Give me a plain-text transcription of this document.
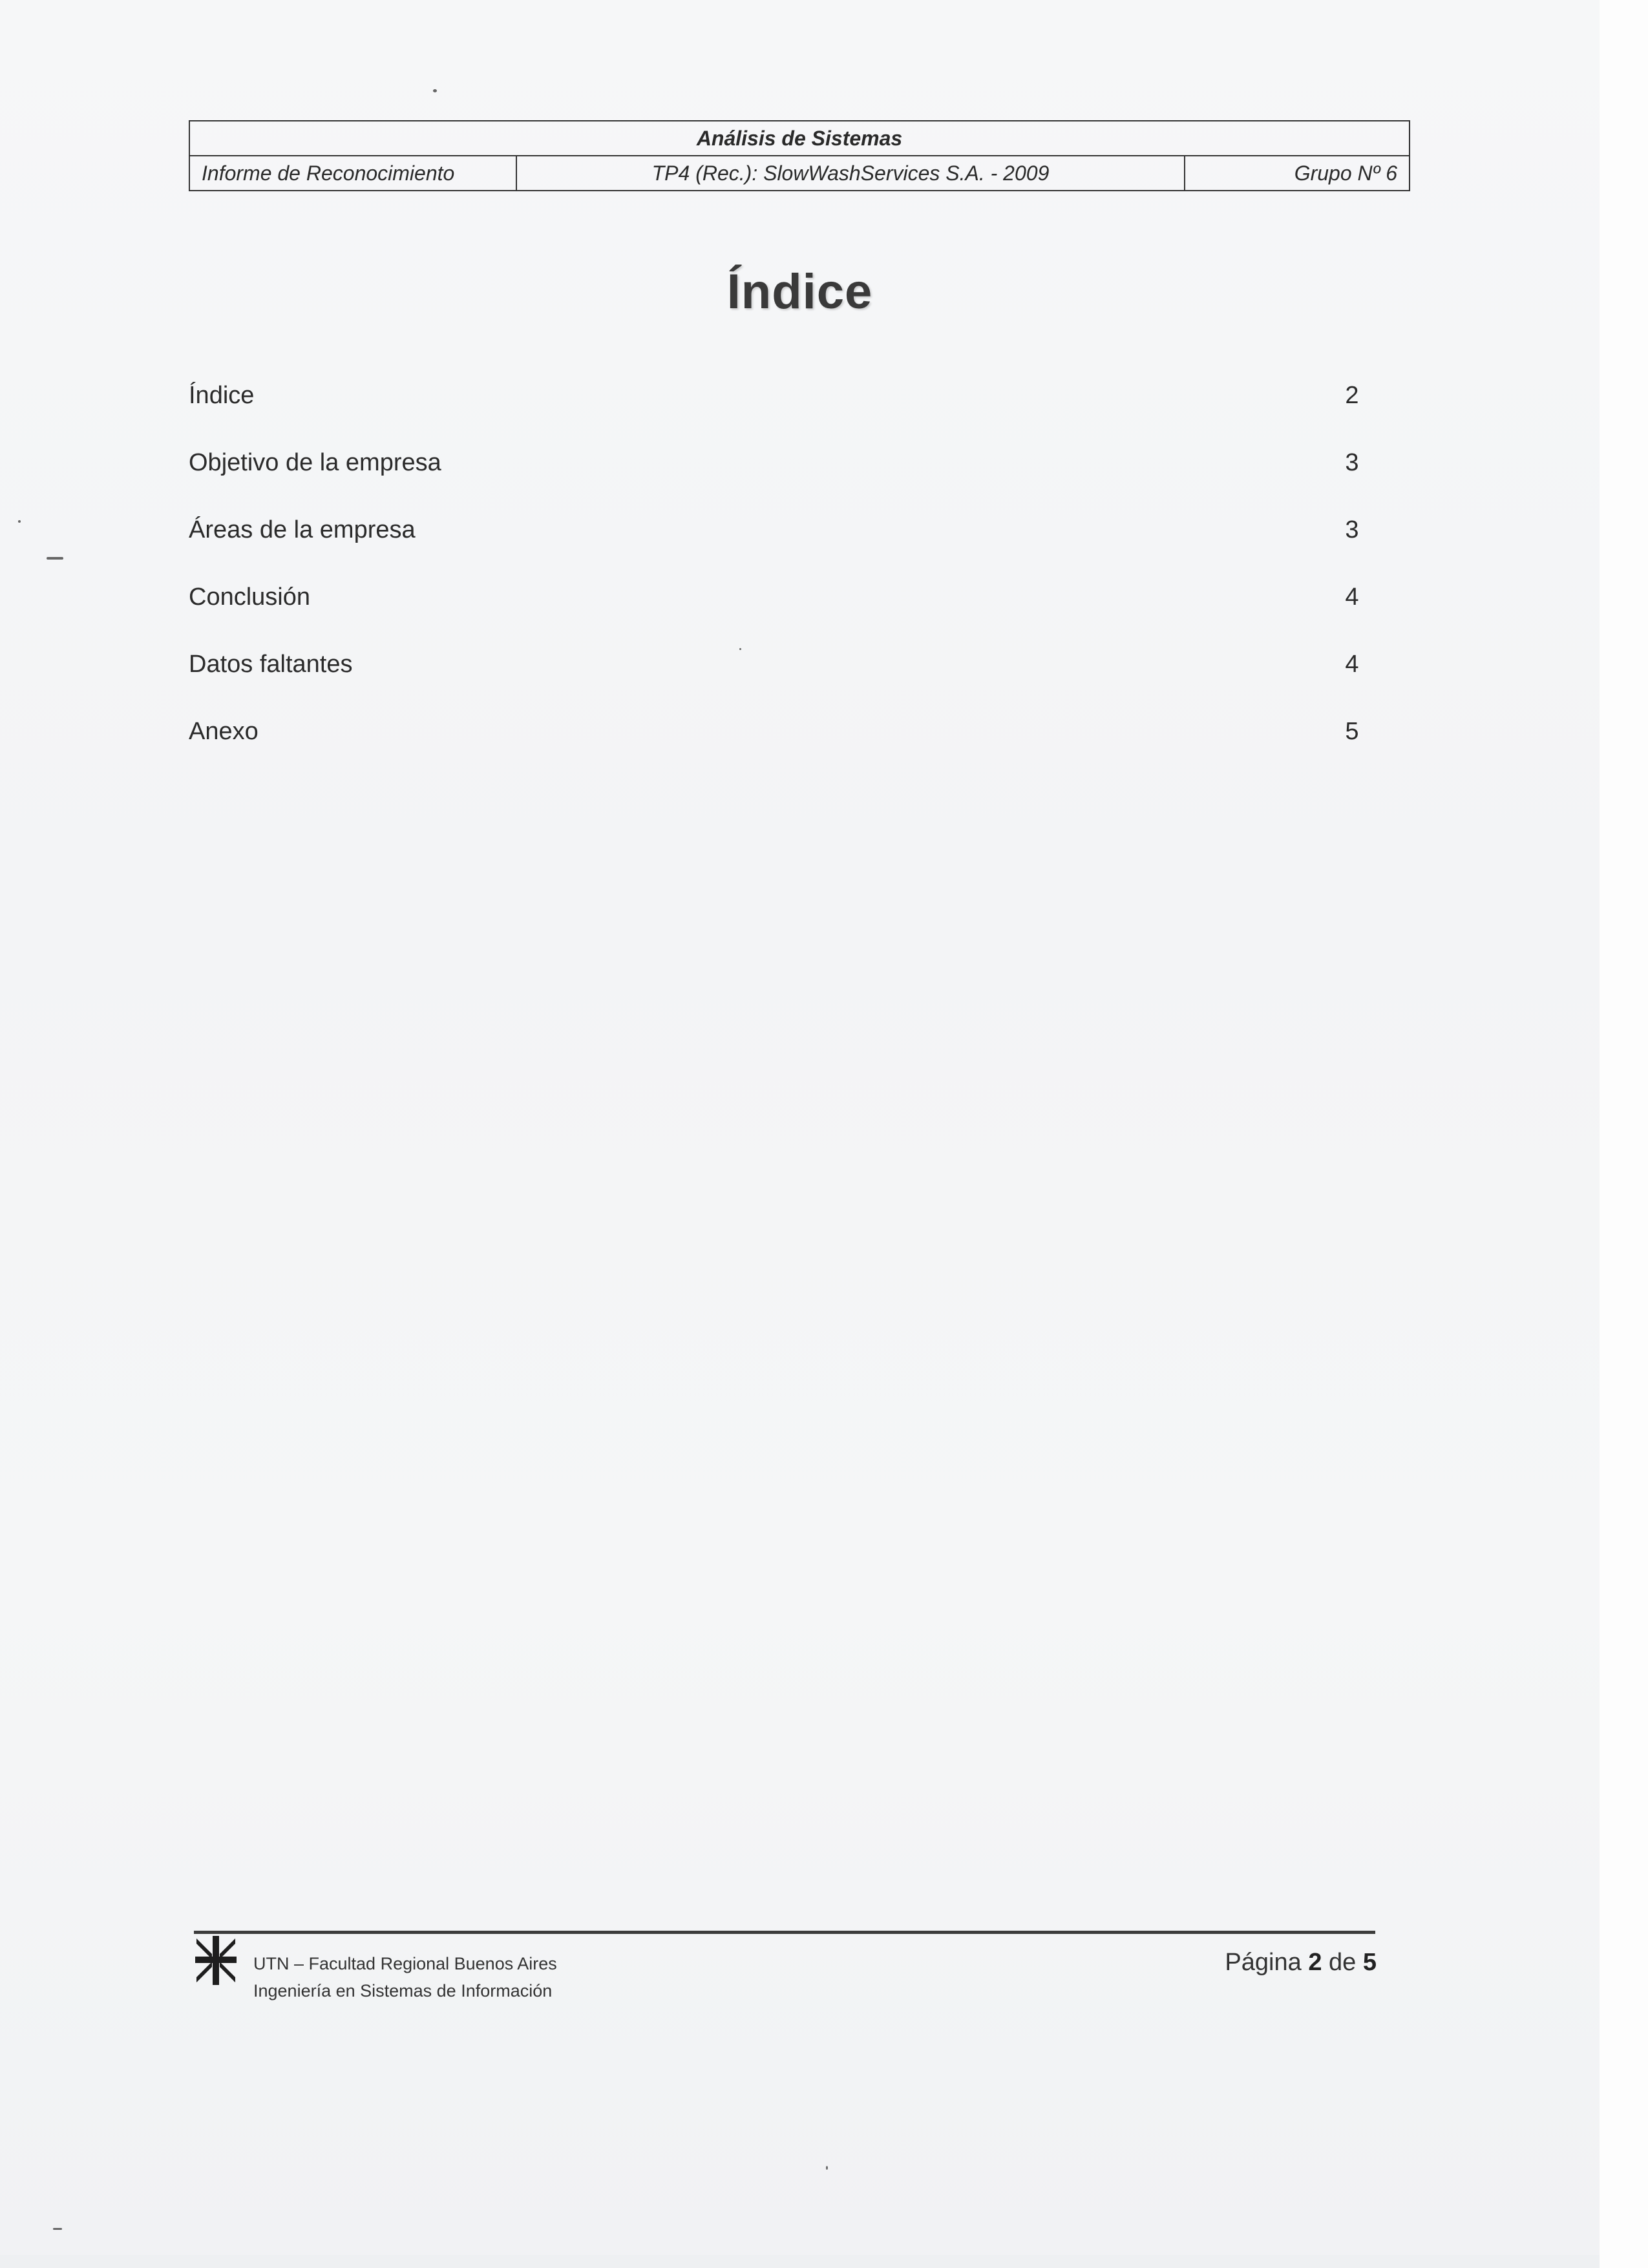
Análisis de Sistemas
Informe de Reconocimiento	TP4 (Rec.): SlowWashServices S.A. - 2009	Grupo Nº 6
Índice
Índice	2
Objetivo de la empresa	3
Áreas de la empresa	3
Conclusión	4
Datos faltantes	4
Anexo	5
UTN – Facultad Regional Buenos Aires
Ingeniería en Sistemas de Información
Página 2 de 5
